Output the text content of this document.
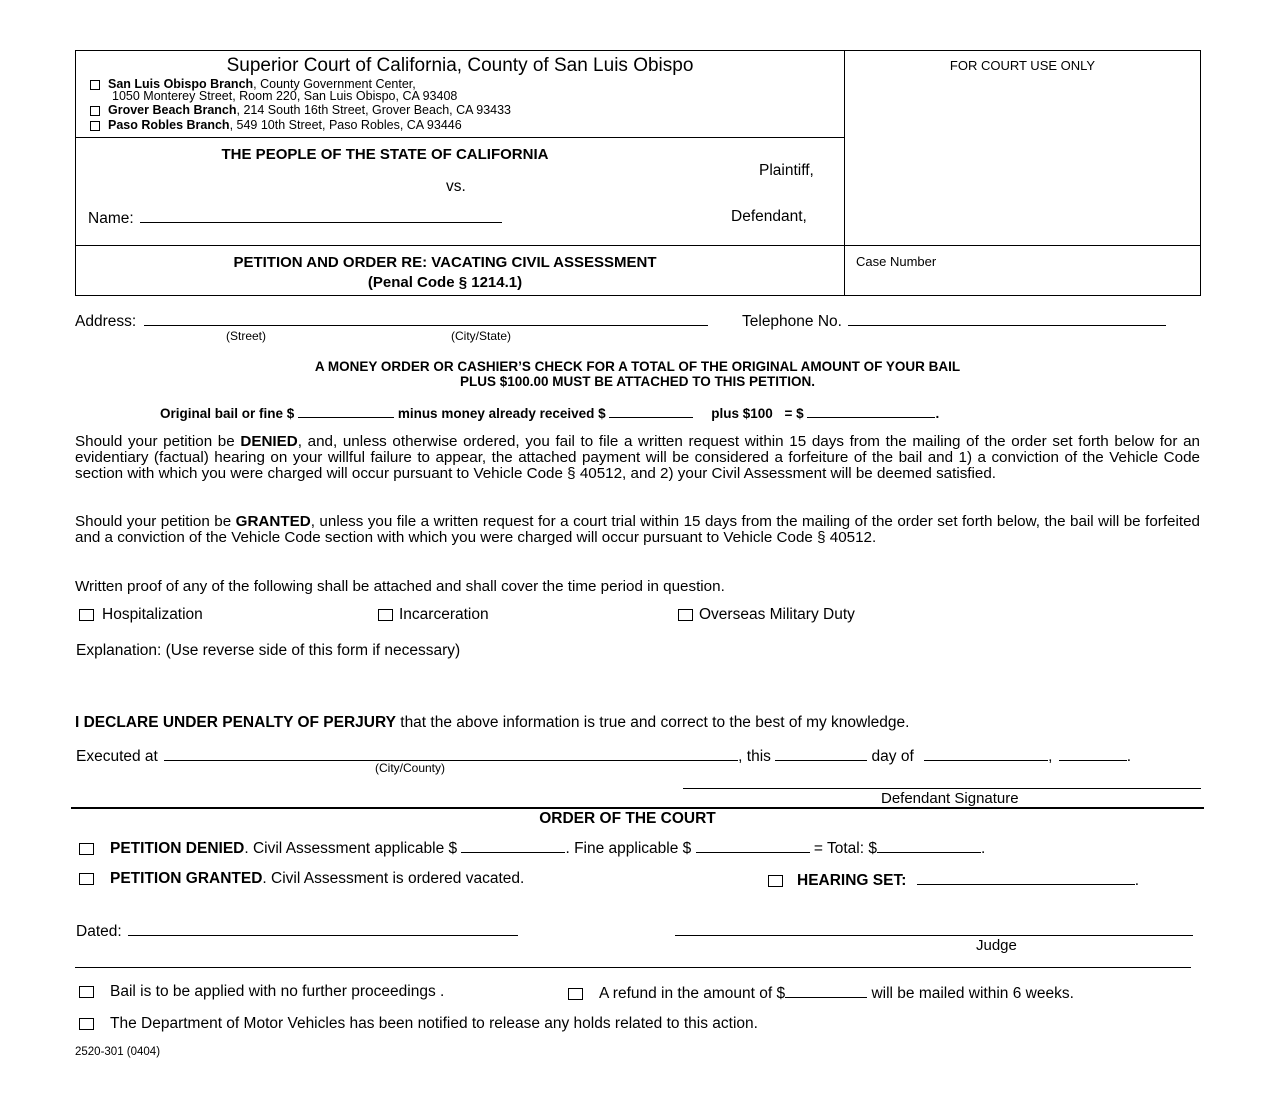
Superior Court of California, County of San Luis Obispo
San Luis Obispo Branch, County Government Center,
1050 Monterey Street, Room 220, San Luis Obispo, CA 93408
Grover Beach Branch, 214 South 16th Street, Grover Beach, CA 93433
Paso Robles Branch, 549 10th Street, Paso Robles, CA 93446
FOR COURT USE ONLY
Case Number
THE PEOPLE OF THE STATE OF CALIFORNIA
Plaintiff,
vs.
Name:	Defendant,
PETITION AND ORDER RE: VACATING CIVIL ASSESSMENT
(Penal Code § 1214.1)
Address:
(Street)	(City/State)
Telephone No.
A MONEY ORDER OR CASHIER’S CHECK FOR A TOTAL OF THE ORIGINAL AMOUNT OF YOUR BAIL
PLUS $100.00 MUST BE ATTACHED TO THIS PETITION.
Original bail or fine $	minus money already received $	plus $100 = $	.
Should your petition be DENIED, and, unless otherwise ordered, you fail to file a written request within 15 days from the mailing of the order set forth below for an evidentiary (factual) hearing on your willful failure to appear, the attached payment will be considered a forfeiture of the bail and 1) a conviction of the Vehicle Code section with which you were charged will occur pursuant to Vehicle Code § 40512, and 2) your Civil Assessment will be deemed satisfied.
Should your petition be GRANTED, unless you file a written request for a court trial within 15 days from the mailing of the order set forth below, the bail will be forfeited and a conviction of the Vehicle Code section with which you were charged will occur pursuant to Vehicle Code § 40512.
Written proof of any of the following shall be attached and shall cover the time period in question.
Hospitalization	Incarceration	Overseas Military Duty
Explanation: (Use reverse side of this form if necessary)
I DECLARE UNDER PENALTY OF PERJURY that the above information is true and correct to the best of my knowledge.
Executed at	, this	day of	,	.
(City/County)
Defendant Signature
ORDER OF THE COURT
PETITION DENIED. Civil Assessment applicable $	. Fine applicable $	= Total: $	.
PETITION GRANTED. Civil Assessment is ordered vacated.	HEARING SET:	.
Dated:
Judge
Bail is to be applied with no further proceedings .	A refund in the amount of $	will be mailed within 6 weeks.
The Department of Motor Vehicles has been notified to release any holds related to this action.
2520-301 (0404)
